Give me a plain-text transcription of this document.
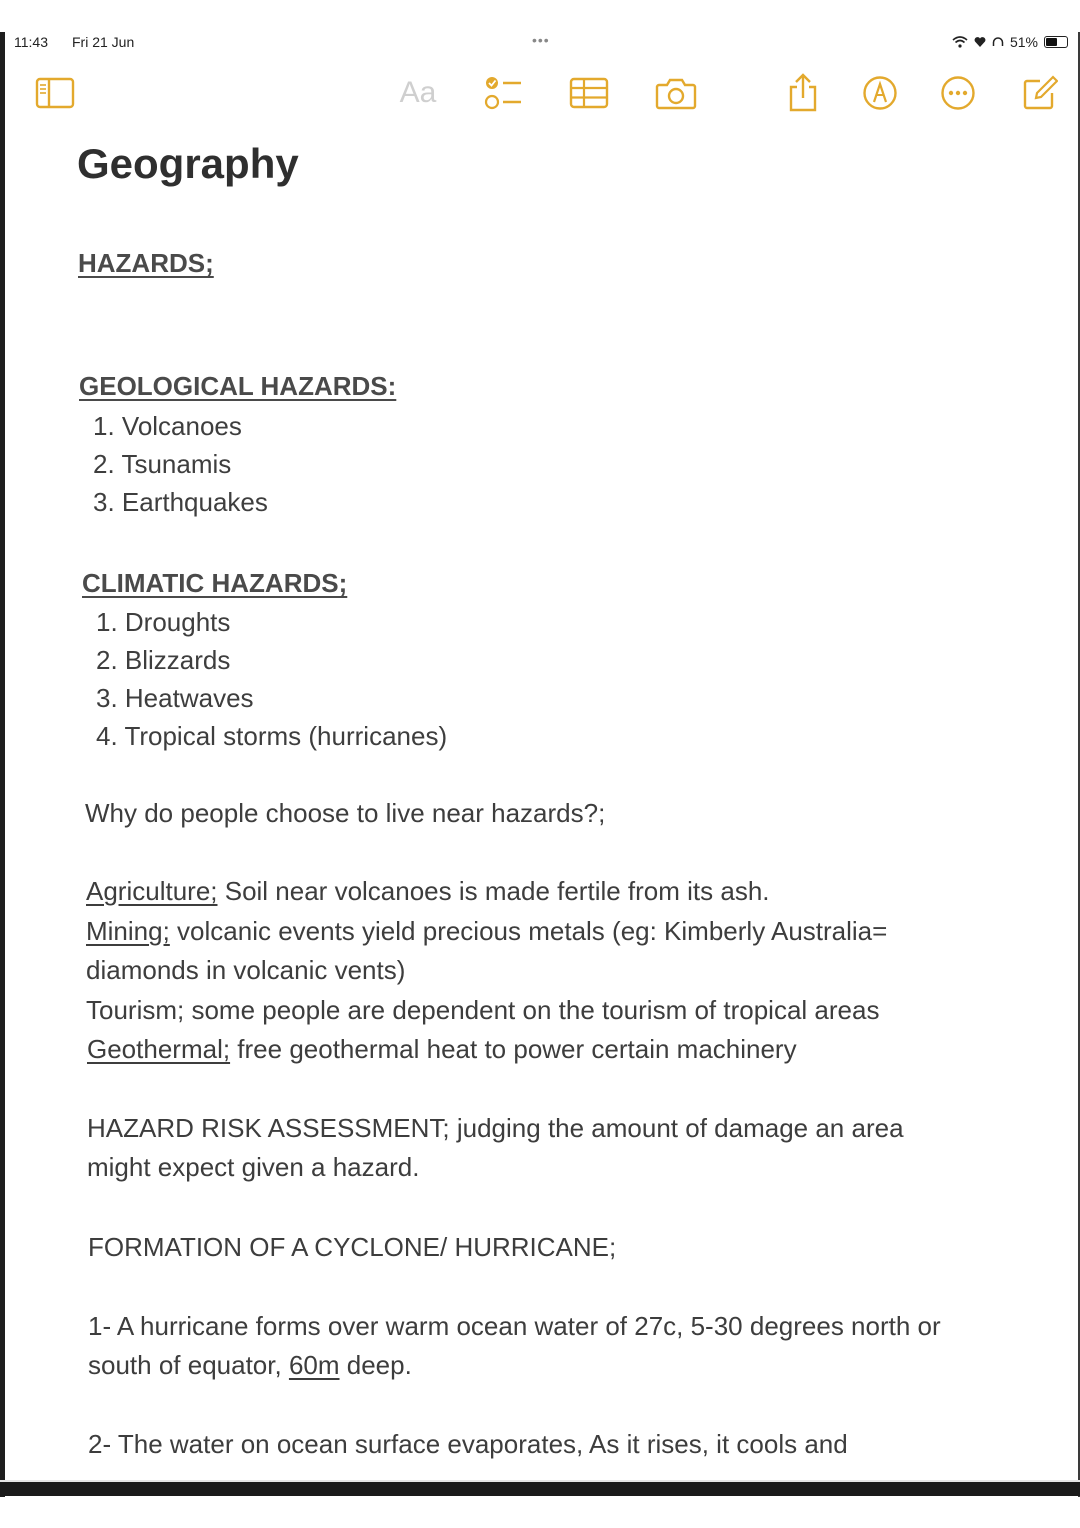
11:43 Fri 21 Jun	•••	51%
Aa
Geography
HAZARDS;
GEOLOGICAL HAZARDS:
1. Volcanoes
2. Tsunamis
3. Earthquakes
CLIMATIC HAZARDS;
1. Droughts
2. Blizzards
3. Heatwaves
4. Tropical storms (hurricanes)

Why do people choose to live near hazards?;

Agriculture; Soil near volcanoes is made fertile from its ash.
Mining; volcanic events yield precious metals (eg: Kimberly Australia=
diamonds in volcanic vents)
Tourism; some people are dependent on the tourism of tropical areas
Geothermal; free geothermal heat to power certain machinery
HAZARD RISK ASSESSMENT; judging the amount of damage an area
might expect given a hazard.
FORMATION OF A CYCLONE/ HURRICANE;
1- A hurricane forms over warm ocean water of 27c, 5-30 degrees north or
south of equator, 60m deep.
2- The water on ocean surface evaporates, As it rises, it cools and
